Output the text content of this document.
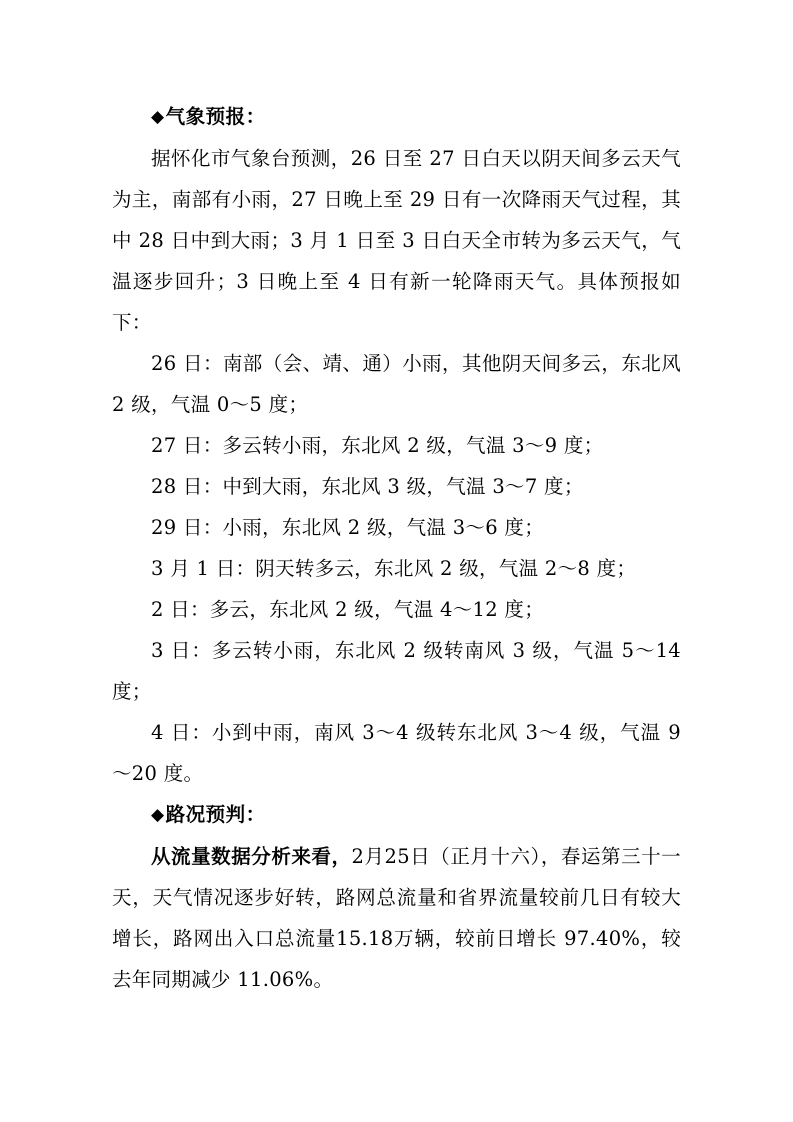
◆气象预报：

据怀化市气象台预测，26 日至 27 日白天以阴天间多云天气为主，南部有小雨，27 日晚上至 29 日有一次降雨天气过程，其中 28 日中到大雨；3 月 1 日至 3 日白天全市转为多云天气，气温逐步回升；3 日晚上至 4 日有新一轮降雨天气。具体预报如下：

26 日：南部（会、靖、通）小雨，其他阴天间多云，东北风 2 级，气温 0～5 度；

27 日：多云转小雨，东北风 2 级，气温 3～9 度；

28 日：中到大雨，东北风 3 级，气温 3～7 度；

29 日：小雨，东北风 2 级，气温 3～6 度；

3 月 1 日：阴天转多云，东北风 2 级，气温 2～8 度；

2 日：多云，东北风 2 级，气温 4～12 度；

3 日：多云转小雨，东北风 2 级转南风 3 级，气温 5～14 度；

4 日：小到中雨，南风 3～4 级转东北风 3～4 级，气温 9～20 度。

◆路况预判：

从流量数据分析来看，2月25日（正月十六），春运第三十一天，天气情况逐步好转，路网总流量和省界流量较前几日有较大增长，路网出入口总流量15.18万辆，较前日增长 97.40%，较去年同期减少 11.06%。
